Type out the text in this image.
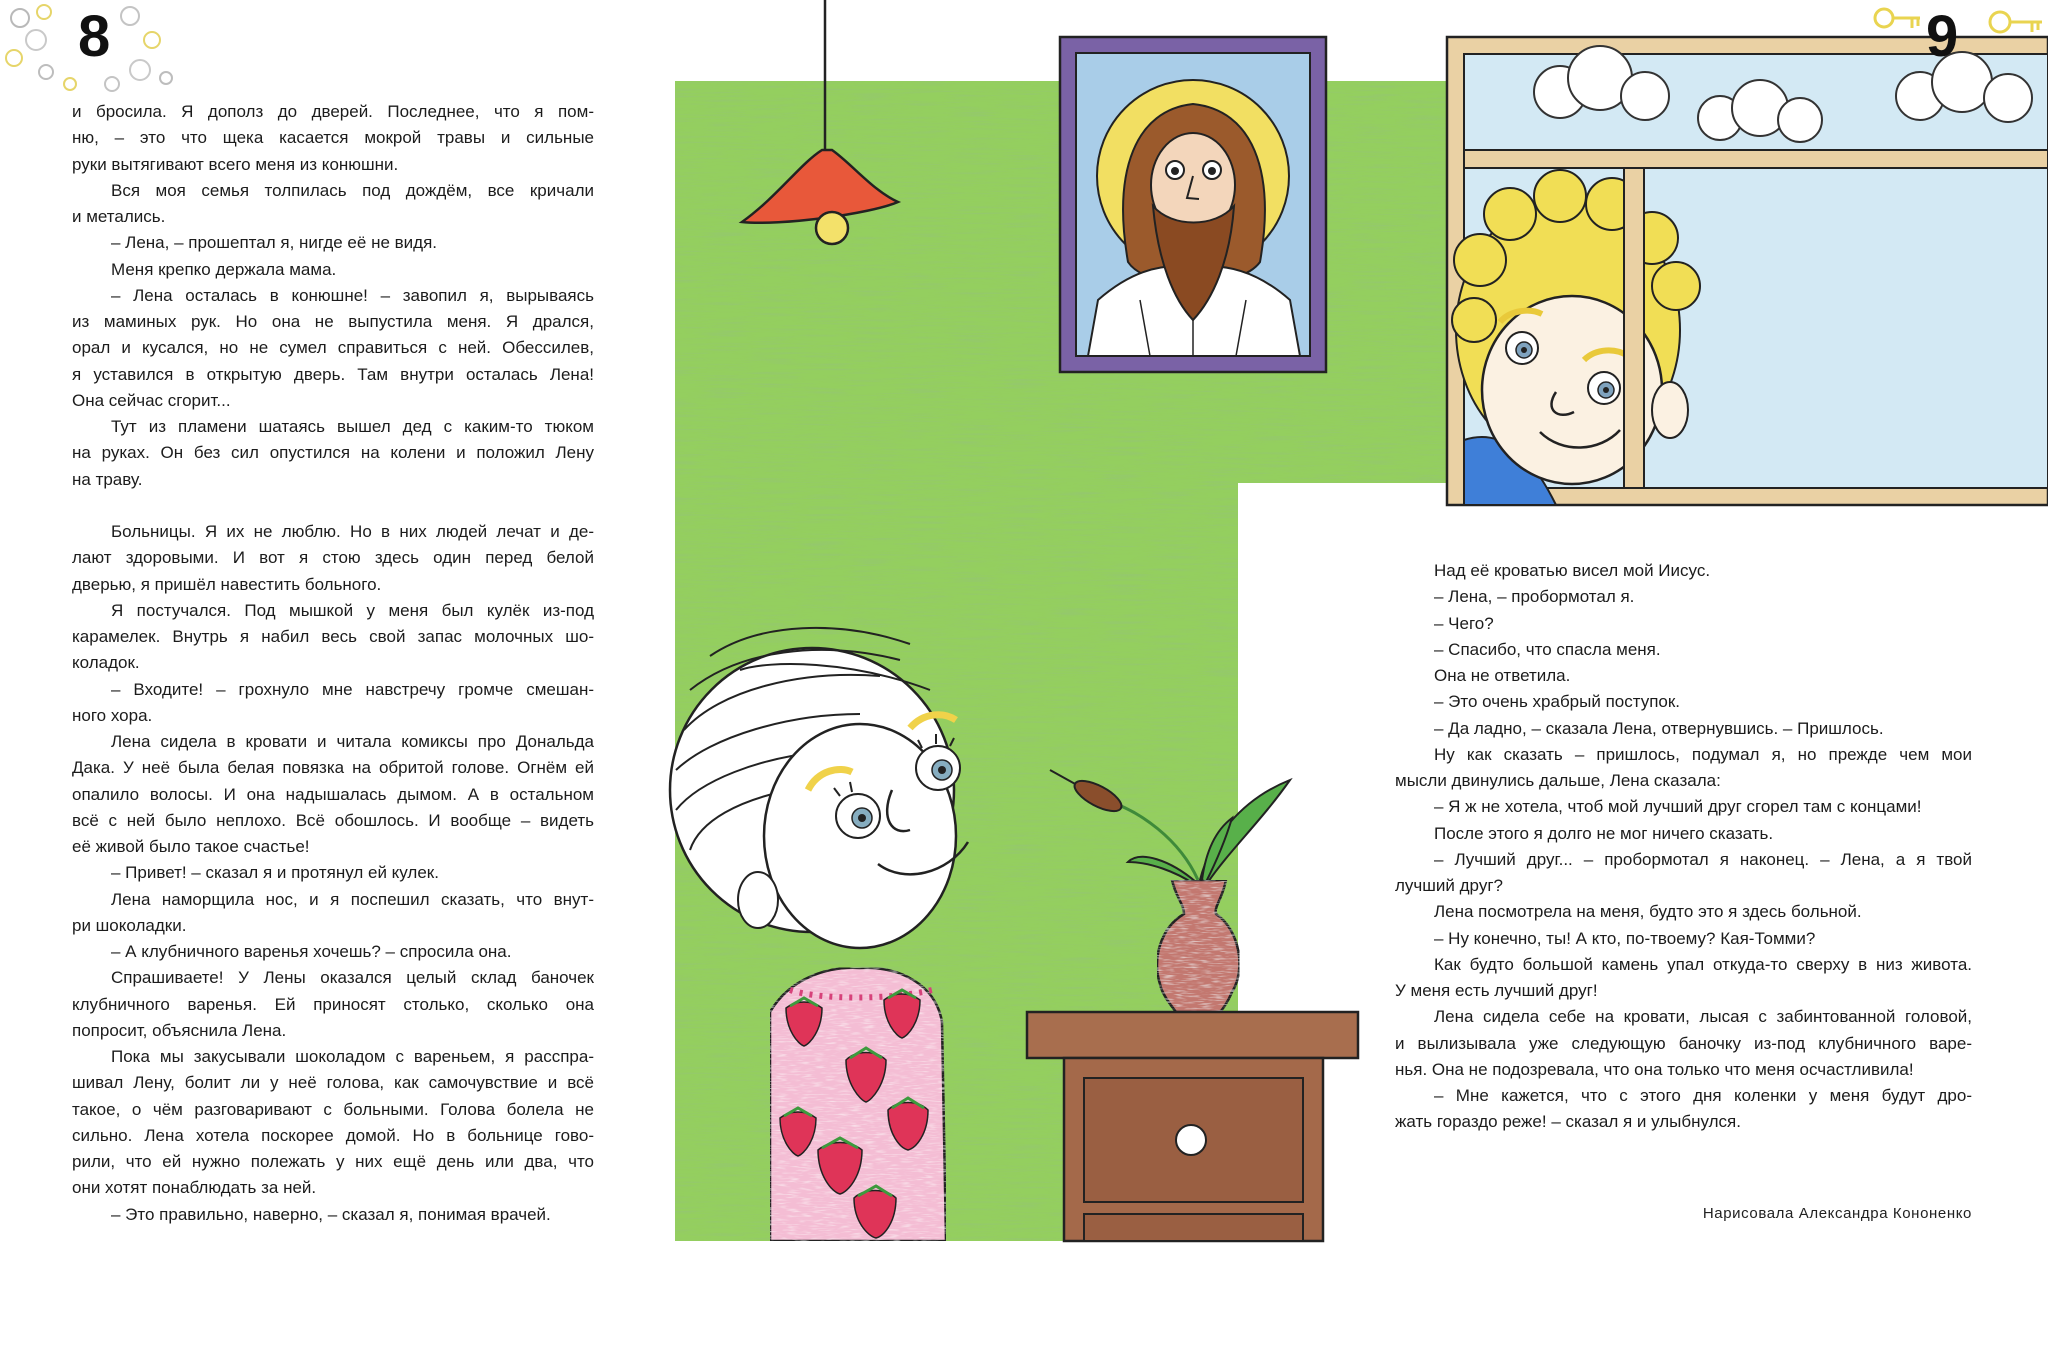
8	9
и бросила. Я дополз до дверей. Последнее, что я пом-
ню, – это что щека касается мокрой травы и сильные
руки вытягивают всего меня из конюшни.
Вся моя семья толпилась под дождём, все кричали
и метались.
– Лена, – прошептал я, нигде её не видя.
Меня крепко держала мама.
– Лена осталась в конюшне! – завопил я, вырываясь
из маминых рук. Но она не выпустила меня. Я дрался,
орал и кусался, но не сумел справиться с ней. Обессилев,
я уставился в открытую дверь. Там внутри осталась Лена!
Она сейчас сгорит...
Тут из пламени шатаясь вышел дед с каким-то тюком
на руках. Он без сил опустился на колени и положил Лену
на траву.
Больницы. Я их не люблю. Но в них людей лечат и де-
лают здоровыми. И вот я стою здесь один перед белой
дверью, я пришёл навестить больного.
Я постучался. Под мышкой у меня был кулёк из-под
карамелек. Внутрь я набил весь свой запас молочных шо-
коладок.
– Входите! – грохнуло мне навстречу громче смешан-
ного хора.
Лена сидела в кровати и читала комиксы про Дональда
Дака. У неё была белая повязка на обритой голове. Огнём ей
опалило волосы. И она надышалась дымом. А в остальном
всё с ней было неплохо. Всё обошлось. И вообще – видеть
её живой было такое счастье!
– Привет! – сказал я и протянул ей кулек.
Лена наморщила нос, и я поспешил сказать, что внут-
ри шоколадки.
– А клубничного варенья хочешь? – спросила она.
Спрашиваете! У Лены оказался целый склад баночек
клубничного варенья. Ей приносят столько, сколько она
попросит, объяснила Лена.
Пока мы закусывали шоколадом с вареньем, я расспра-
шивал Лену, болит ли у неё голова, как самочувствие и всё
такое, о чём разговаривают с больными. Голова болела не
сильно. Лена хотела поскорее домой. Но в больнице гово-
рили, что ей нужно полежать у них ещё день или два, что
они хотят понаблюдать за ней.
– Это правильно, наверно, – сказал я, понимая врачей.
Над её кроватью висел мой Иисус.
– Лена, – пробормотал я.
– Чего?
– Спасибо, что спасла меня.
Она не ответила.
– Это очень храбрый поступок.
– Да ладно, – сказала Лена, отвернувшись. – Пришлось.
Ну как сказать – пришлось, подумал я, но прежде чем мои
мысли двинулись дальше, Лена сказала:
– Я ж не хотела, чтоб мой лучший друг сгорел там с концами!
После этого я долго не мог ничего сказать.
– Лучший друг... – пробормотал я наконец. – Лена, а я твой
лучший друг?
Лена посмотрела на меня, будто это я здесь больной.
– Ну конечно, ты! А кто, по-твоему? Кая-Томми?
Как будто большой камень упал откуда-то сверху в низ живота.
У меня есть лучший друг!
Лена сидела себе на кровати, лысая с забинтованной головой,
и вылизывала уже следующую баночку из-под клубничного варе-
нья. Она не подозревала, что она только что меня осчастливила!
– Мне кажется, что с этого дня коленки у меня будут дро-
жать гораздо реже! – сказал я и улыбнулся.
Нарисовала Александра Кононенко
